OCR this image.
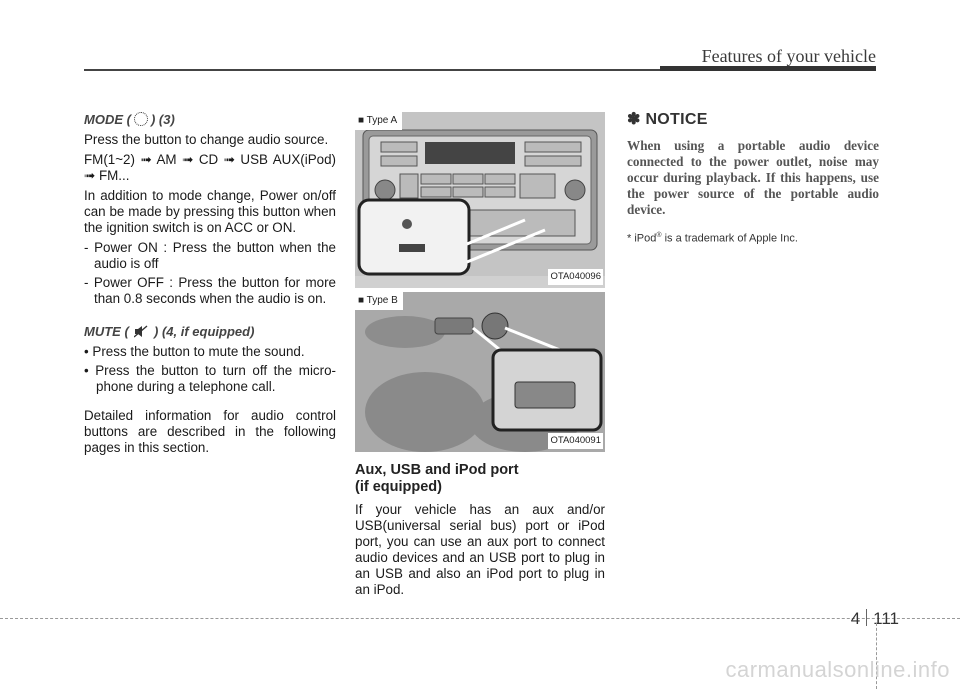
Features of your vehicle
MODE ( ) (3)

Press the button to change audio source.

FM(1~2) ➟ AM ➟ CD ➟ USB AUX(iPod) ➟ FM...

In addition to mode change, Power on/off can be made by pressing this button when the ignition switch is on ACC or ON.

- Power ON : Press the button when the audio is off

- Power OFF : Press the button for more than 0.8 seconds when the audio is on.

MUTE ( ) (4, if equipped)

• Press the button to mute the sound.

• Press the button to turn off the micro- phone during a telephone call.

Detailed information for audio control buttons are described in the following pages in this section.

■ Type A
OTA040096
■ Type B
OTA040091
Aux, USB and iPod port
(if equipped)

If your vehicle has an aux and/or USB(universal serial bus) port or iPod port, you can use an aux port to connect audio devices and an USB port to plug in an USB and also an iPod port to plug in an iPod.

✽ NOTICE

When using a portable audio device connected to the power outlet, noise may occur during playback. If this happens, use the power source of the portable audio device.

* iPod® is a trademark of Apple Inc.
4 111
carmanualsonline.info
